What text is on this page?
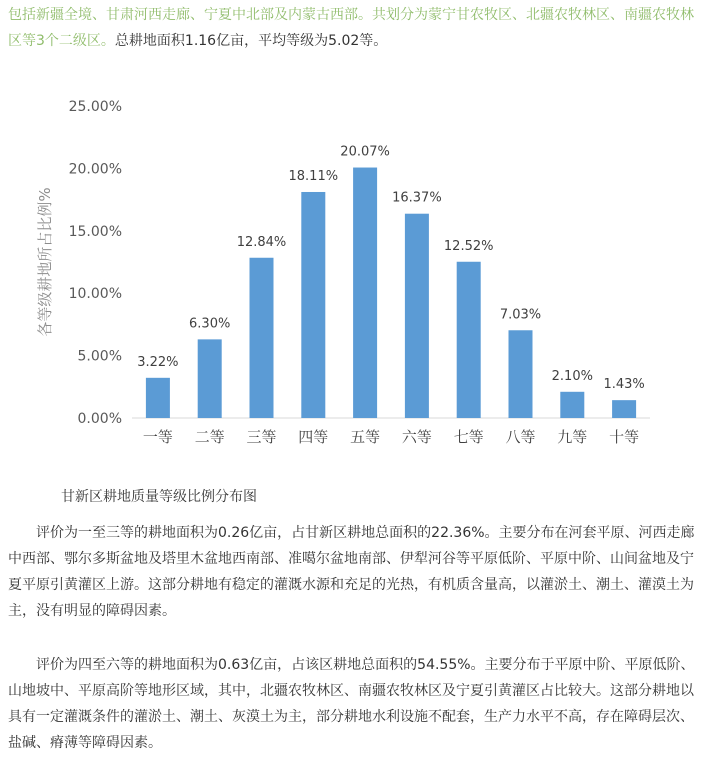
包括新疆全境、甘肃河西走廊、宁夏中北部及内蒙古西部。共划分为蒙宁甘农牧区、北疆农牧林区、南疆农牧林区等3个二级区。总耕地面积1.16亿亩，平均等级为5.02等。

0.00%
5.00%
10.00%
15.00%
20.00%
25.00%
各等级耕地所占比例%
3.22%
一等
6.30%
二等
12.84%
三等
18.11%
四等
20.07%
五等
16.37%
六等
12.52%
七等
7.03%
八等
2.10%
九等
1.43%
十等

甘新区耕地质量等级比例分布图

评价为一至三等的耕地面积为0.26亿亩，占甘新区耕地总面积的22.36%。主要分布在河套平原、河西走廊中西部、鄂尔多斯盆地及塔里木盆地西南部、准噶尔盆地南部、伊犁河谷等平原低阶、平原中阶、山间盆地及宁夏平原引黄灌区上游。这部分耕地有稳定的灌溉水源和充足的光热，有机质含量高，以灌淤土、潮土、灌漠土为主，没有明显的障碍因素。

评价为四至六等的耕地面积为0.63亿亩，占该区耕地总面积的54.55%。主要分布于平原中阶、平原低阶、山地坡中、平原高阶等地形区域，其中，北疆农牧林区、南疆农牧林区及宁夏引黄灌区占比较大。这部分耕地以具有一定灌溉条件的灌淤土、潮土、灰漠土为主，部分耕地水利设施不配套，生产力水平不高，存在障碍层次、盐碱、瘠薄等障碍因素。
